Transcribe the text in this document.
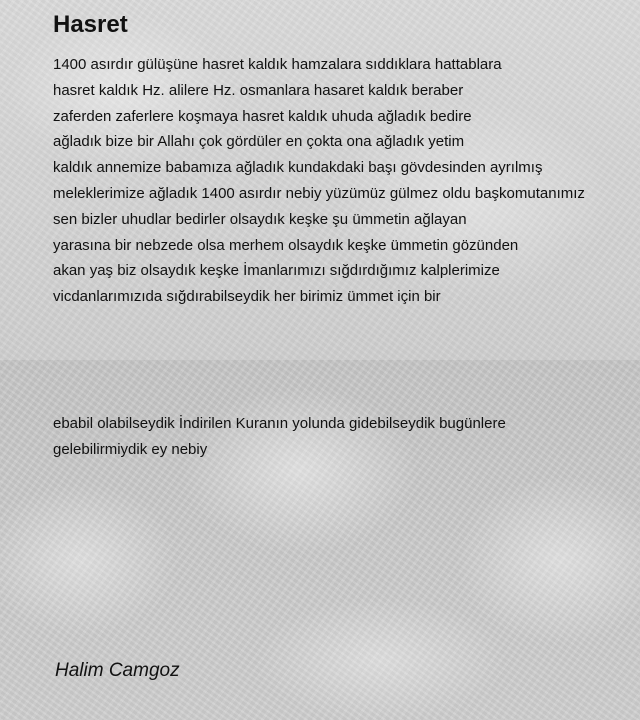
Hasret
1400 asırdır gülüşüne hasret kaldık hamzalara sıddıklara hattablara
hasret kaldık Hz. alilere Hz. osmanlara hasaret kaldık beraber
zaferden zaferlere koşmaya hasret kaldık uhuda ağladık bedire
ağladık bize bir Allahı çok gördüler en çokta ona ağladık yetim
kaldık annemize babamıza ağladık kundakdaki başı gövdesinden ayrılmış
meleklerimize ağladık 1400 asırdır nebiy yüzümüz gülmez oldu başkomutanımız
sen bizler uhudlar bedirler olsaydık keşke şu ümmetin ağlayan
yarasına bir nebzede olsa merhem olsaydık keşke ümmetin gözünden
akan yaş biz olsaydık keşke İmanlarımızı sığdırdığımız kalplerimize
vicdanlarımızıda sığdırabilseydik her birimiz ümmet için bir
ebabil olabilseydik İndirilen Kuranın yolunda gidebilseydik bugünlere
gelebilirmiydik ey nebiy

Halim Camgoz
